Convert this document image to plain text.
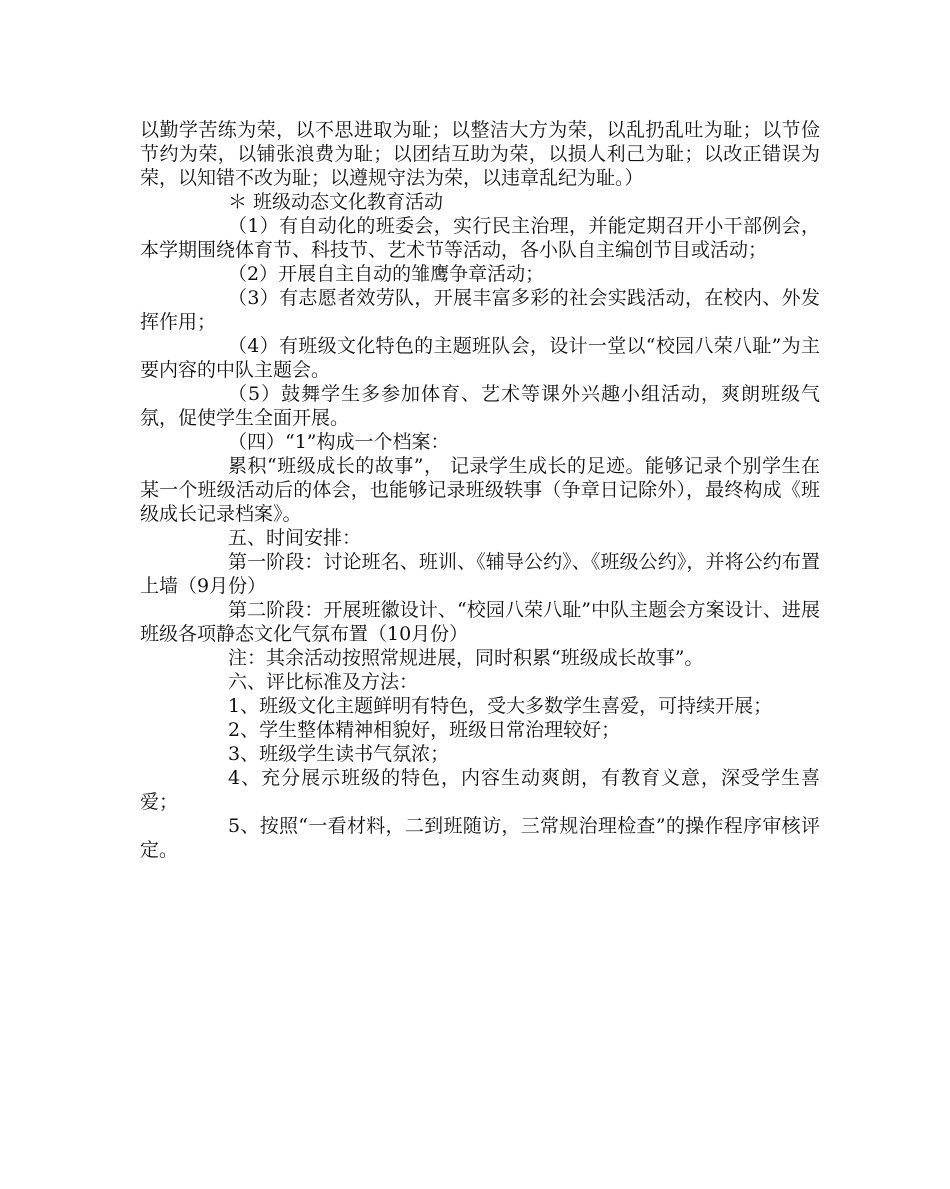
以勤学苦练为荣，以不思进取为耻；以整洁大方为荣，以乱扔乱吐为耻；以节俭节约为荣，以铺张浪费为耻；以团结互助为荣，以损人利己为耻；以改正错误为荣，以知错不改为耻；以遵规守法为荣，以违章乱纪为耻。）

＊ 班级动态文化教育活动

（1）有自动化的班委会，实行民主治理，并能定期召开小干部例会，本学期围绕体育节、科技节、艺术节等活动，各小队自主编创节目或活动；

（2）开展自主自动的雏鹰争章活动；

（3）有志愿者效劳队，开展丰富多彩的社会实践活动，在校内、外发挥作用；

（4）有班级文化特色的主题班队会，设计一堂以“校园八荣八耻”为主要内容的中队主题会。

（5）鼓舞学生多参加体育、艺术等课外兴趣小组活动，爽朗班级气氛，促使学生全面开展。

（四）“1”构成一个档案：

累积“班级成长的故事”， 记录学生成长的足迹。能够记录个别学生在某一个班级活动后的体会，也能够记录班级轶事（争章日记除外），最终构成《班级成长记录档案》。

五、时间安排：

第一阶段：讨论班名、班训、《辅导公约》、《班级公约》，并将公约布置上墙（9月份）

第二阶段：开展班徽设计、“校园八荣八耻”中队主题会方案设计、进展班级各项静态文化气氛布置（10月份）

注：其余活动按照常规进展，同时积累“班级成长故事”。

六、评比标准及方法：

1、班级文化主题鲜明有特色，受大多数学生喜爱，可持续开展；

2、学生整体精神相貌好，班级日常治理较好；

3、班级学生读书气氛浓；

4、充分展示班级的特色，内容生动爽朗，有教育义意，深受学生喜爱；

5、按照“一看材料，二到班随访，三常规治理检查”的操作程序审核评定。
